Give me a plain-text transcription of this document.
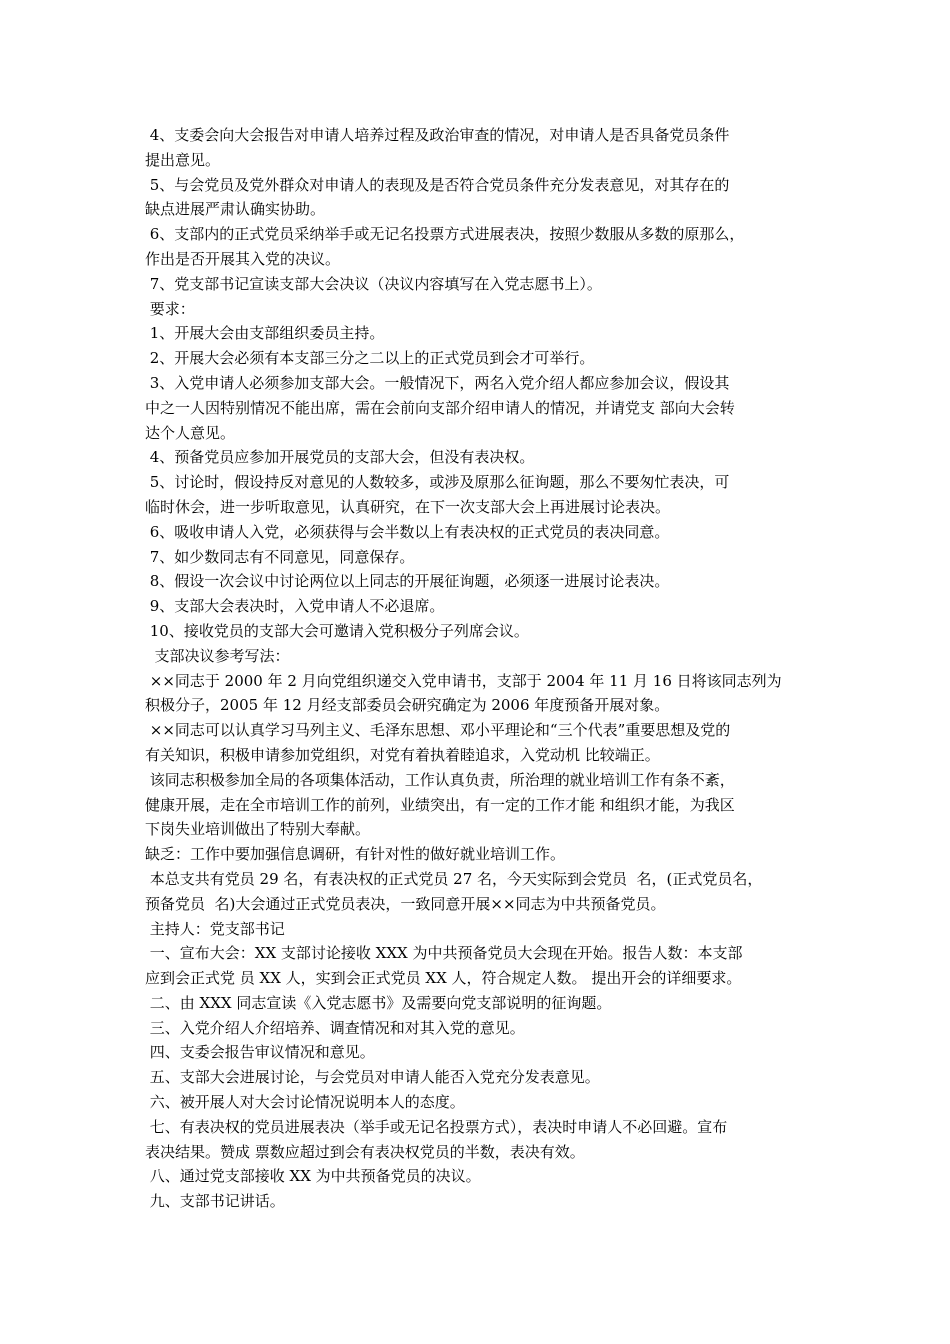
4、支委会向大会报告对申请人培养过程及政治审查的情况，对申请人是否具备党员条件
提出意见。
5、与会党员及党外群众对申请人的表现及是否符合党员条件充分发表意见，对其存在的
缺点进展严肃认确实协助。
6、支部内的正式党员采纳举手或无记名投票方式进展表决，按照少数服从多数的原那么，
作出是否开展其入党的决议。
7、党支部书记宣读支部大会决议（决议内容填写在入党志愿书上）。
要求：
1、开展大会由支部组织委员主持。
2、开展大会必须有本支部三分之二以上的正式党员到会才可举行。
3、入党申请人必须参加支部大会。一般情况下，两名入党介绍人都应参加会议，假设其
中之一人因特别情况不能出席，需在会前向支部介绍申请人的情况，并请党支 部向大会转
达个人意见。
4、预备党员应参加开展党员的支部大会，但没有表决权。
5、讨论时，假设持反对意见的人数较多，或涉及原那么征询题，那么不要匆忙表决，可
临时休会，进一步听取意见，认真研究，在下一次支部大会上再进展讨论表决。
6、吸收申请人入党，必须获得与会半数以上有表决权的正式党员的表决同意。
7、如少数同志有不同意见，同意保存。
8、假设一次会议中讨论两位以上同志的开展征询题，必须逐一进展讨论表决。
9、支部大会表决时，入党申请人不必退席。
10、接收党员的支部大会可邀请入党积极分子列席会议。
支部决议参考写法：
××同志于 2000 年 2 月向党组织递交入党申请书，支部于 2004 年 11 月 16 日将该同志列为
积极分子，2005 年 12 月经支部委员会研究确定为 2006 年度预备开展对象。
××同志可以认真学习马列主义、毛泽东思想、邓小平理论和“三个代表”重要思想及党的
有关知识，积极申请参加党组织，对党有着执着睦追求，入党动机 比较端正。
该同志积极参加全局的各项集体活动，工作认真负责，所治理的就业培训工作有条不紊，
健康开展，走在全市培训工作的前列，业绩突出，有一定的工作才能 和组织才能，为我区
下岗失业培训做出了特别大奉献。
缺乏：工作中要加强信息调研，有针对性的做好就业培训工作。
本总支共有党员 29 名，有表决权的正式党员 27 名，今天实际到会党员  名，(正式党员名，
预备党员  名)大会通过正式党员表决，一致同意开展××同志为中共预备党员。
主持人：党支部书记
一、宣布大会：XX 支部讨论接收 XXX 为中共预备党员大会现在开始。报告人数：本支部
应到会正式党 员 XX 人，实到会正式党员 XX 人，符合规定人数。 提出开会的详细要求。
二、由 XXX 同志宣读《入党志愿书》及需要向党支部说明的征询题。
三、入党介绍人介绍培养、调查情况和对其入党的意见。
四、支委会报告审议情况和意见。
五、支部大会进展讨论，与会党员对申请人能否入党充分发表意见。
六、被开展人对大会讨论情况说明本人的态度。
七、有表决权的党员进展表决（举手或无记名投票方式），表决时申请人不必回避。宣布
表决结果。赞成 票数应超过到会有表决权党员的半数，表决有效。
八、通过党支部接收 XX 为中共预备党员的决议。
九、支部书记讲话。
